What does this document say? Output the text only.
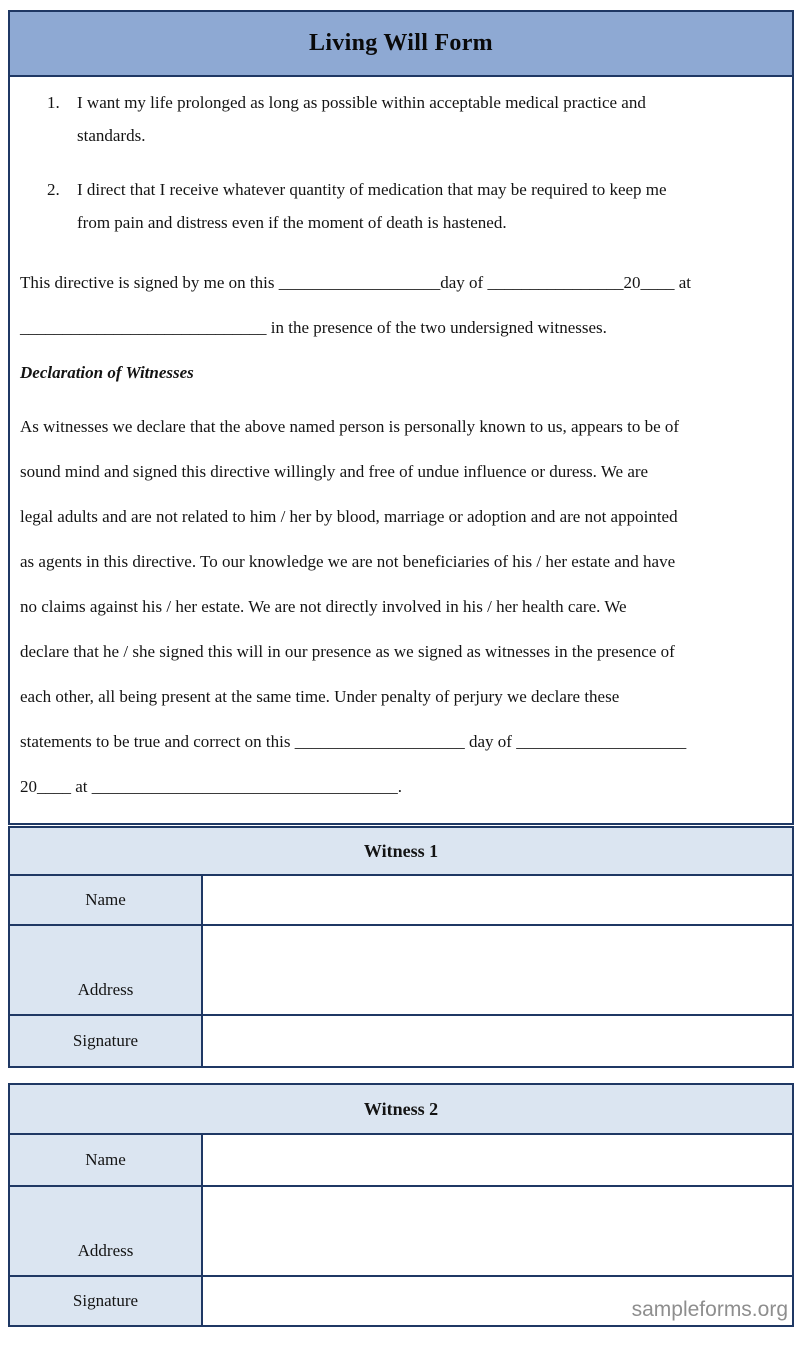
Living Will Form
1.	I want my life prolonged as long as possible within acceptable medical practice and
standards.
2.	I direct that I receive whatever quantity of medication that may be required to keep me
from pain and distress even if the moment of death is hastened.
This directive is signed by me on this ___________________day of ________________20____ at
_____________________________ in the presence of the two undersigned witnesses.
Declaration of Witnesses
As witnesses we declare that the above named person is personally known to us, appears to be of
sound mind and signed this directive willingly and free of undue influence or duress. We are
legal adults and are not related to him / her by blood, marriage or adoption and are not appointed
as agents in this directive. To our knowledge we are not beneficiaries of his / her estate and have
no claims against his / her estate. We are not directly involved in his / her health care. We
declare that he / she signed this will in our presence as we signed as witnesses in the presence of
each other, all being present at the same time. Under penalty of perjury we declare these
statements to be true and correct on this ____________________ day of ____________________
20____ at ____________________________________.
Witness 1
Name
Address
Signature
Witness 2
Name
Address
Signature	sampleforms.org
